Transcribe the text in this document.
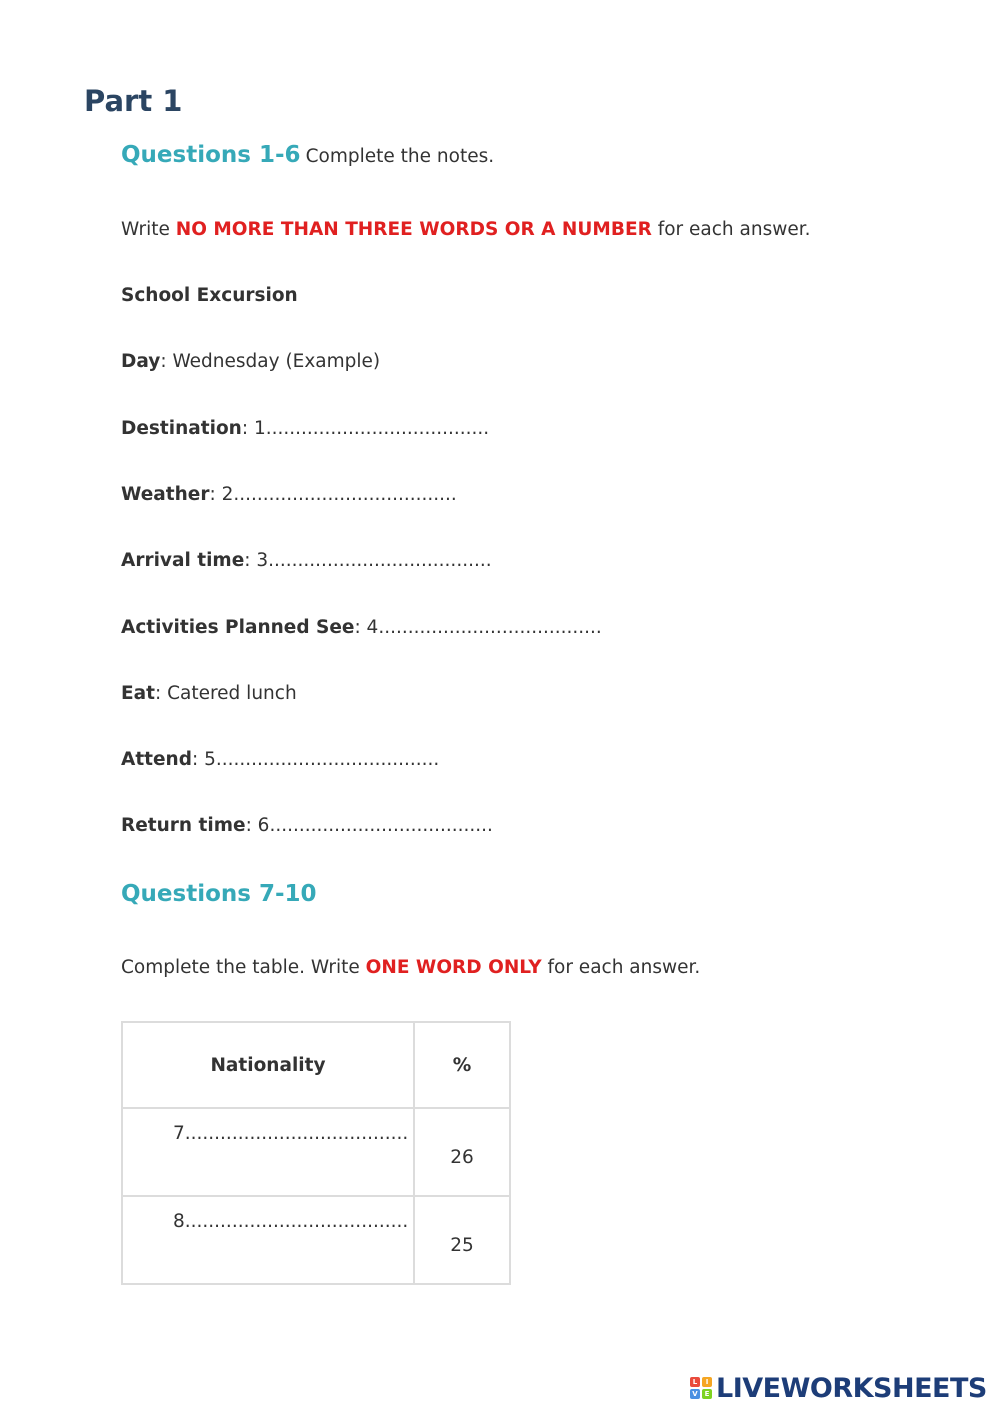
Part 1
Questions 1-6 Complete the notes.
Write NO MORE THAN THREE WORDS OR A NUMBER for each answer.
School Excursion
Day: Wednesday (Example)
Destination: 1......................................
Weather: 2......................................
Arrival time: 3......................................
Activities Planned See: 4......................................
Eat: Catered lunch
Attend: 5......................................
Return time: 6......................................
Questions 7-10
Complete the table. Write ONE WORD ONLY for each answer.
Nationality	%

7......................................	26

8......................................	25
L	I
V E LIVEWORKSHEETS
